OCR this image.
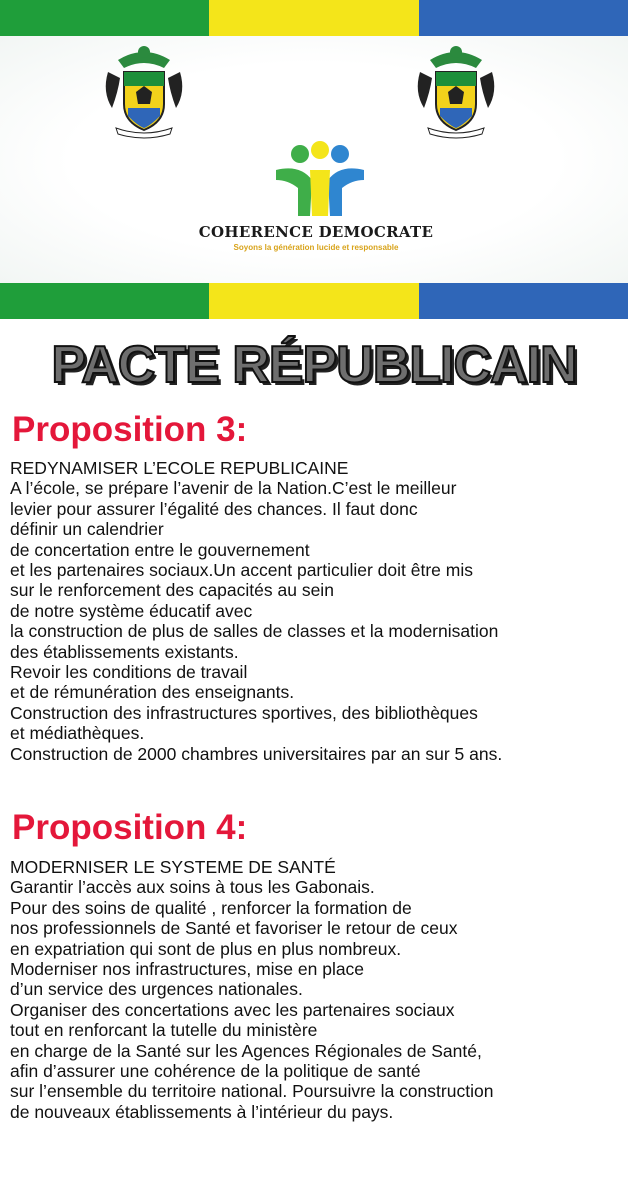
COHERENCE DEMOCRATE
Soyons la génération lucide et responsable
PACTE RÉPUBLICAIN
Proposition 3:
REDYNAMISER L’ECOLE REPUBLICAINE
A l’école, se prépare l’avenir de la Nation.C’est le meilleur
levier pour assurer l’égalité des chances. Il faut donc
définir un calendrier
de concertation entre le gouvernement
et les partenaires sociaux.Un accent particulier doit être mis
sur le renforcement des capacités au sein
de notre système éducatif avec
la construction de plus de salles de classes et la modernisation
des établissements existants.
Revoir les conditions de travail
et de rémunération des enseignants.
Construction des infrastructures sportives, des bibliothèques
et médiathèques.
Construction de 2000 chambres universitaires par an sur 5 ans.
Proposition 4:
MODERNISER LE SYSTEME DE SANTÉ
Garantir l’accès aux soins à tous les Gabonais.
Pour des soins de qualité , renforcer la formation de
nos professionnels de Santé et favoriser le retour de ceux
en expatriation qui sont de plus en plus nombreux.
Moderniser nos infrastructures, mise en place
d’un service des urgences nationales.
Organiser des concertations avec les partenaires sociaux
tout en renforcant la tutelle du ministère
en charge de la Santé sur les Agences Régionales de Santé,
afin d’assurer une cohérence de la politique de santé
sur l’ensemble du territoire national. Poursuivre la construction
de nouveaux établissements à l’intérieur du pays.
